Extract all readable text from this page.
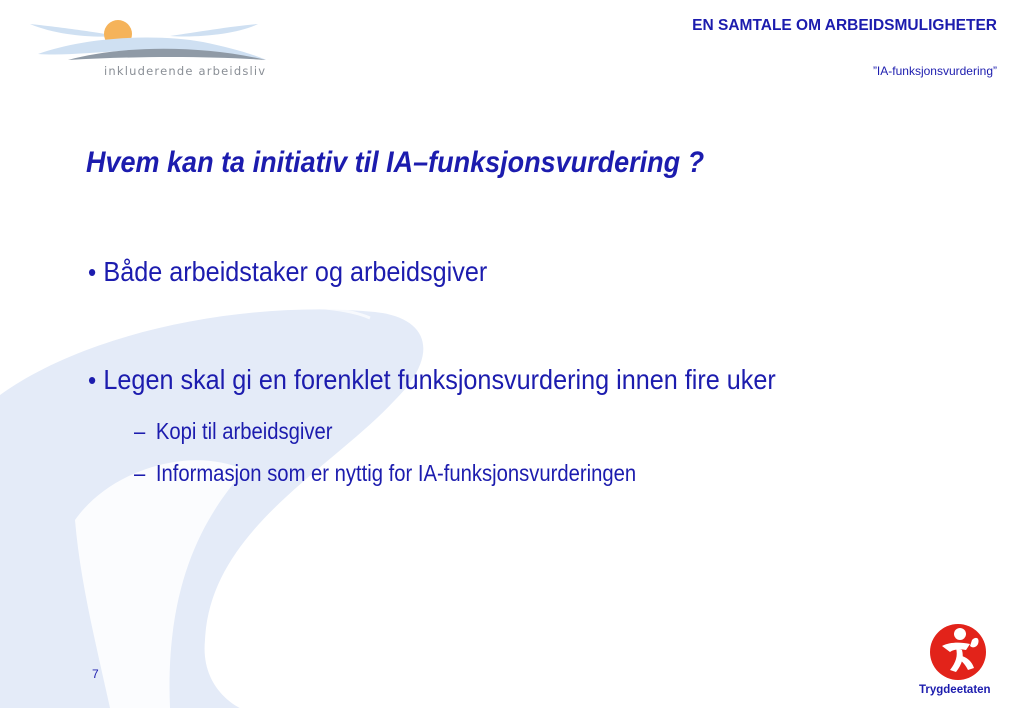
inkluderende arbeidsliv
EN SAMTALE OM ARBEIDSMULIGHETER
”IA-funksjonsvurdering”
Hvem kan ta initiativ til IA–funksjonsvurdering ?
• Både arbeidstaker og arbeidsgiver
• Legen skal gi en forenklet funksjonsvurdering innen fire uker
– Kopi til arbeidsgiver
– Informasjon som er nyttig for IA-funksjonsvurderingen
7
Trygdeetaten
